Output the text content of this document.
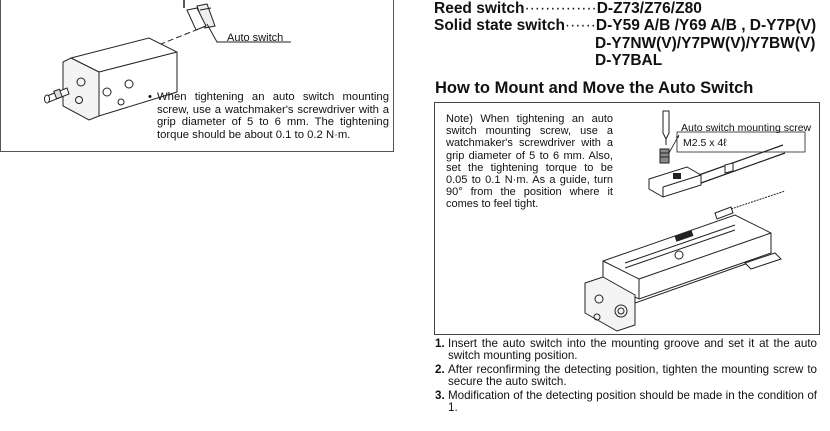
Auto switch
• When tightening an auto switch mounting screw, use a watchmaker's screwdriver with a grip diameter of 5 to 6 mm. The tightening torque should be about 0.1 to 0.2 N·m.
Reed switch··············D-Z73/Z76/Z80
Solid state switch······D-Y59 A/B /Y69 A/B , D-Y7P(V)
D-Y7NW(V)/Y7PW(V)/Y7BW(V)
D-Y7BAL
How to Mount and Move the Auto Switch
Note) When tightening an auto switch mounting screw, use a watchmaker's screwdriver with a grip diameter of 5 to 6 mm. Also, set the tightening torque to be 0.05 to 0.1 N·m. As a guide, turn 90° from the position where it comes to feel tight.
Auto switch mounting screw
M2.5 x 4ℓ
1. Insert the auto switch into the mounting groove and set it at the auto switch mounting position.
2. After reconfirming the detecting position, tighten the mounting screw to secure the auto switch.
3. Modification of the detecting position should be made in the condition of 1.
